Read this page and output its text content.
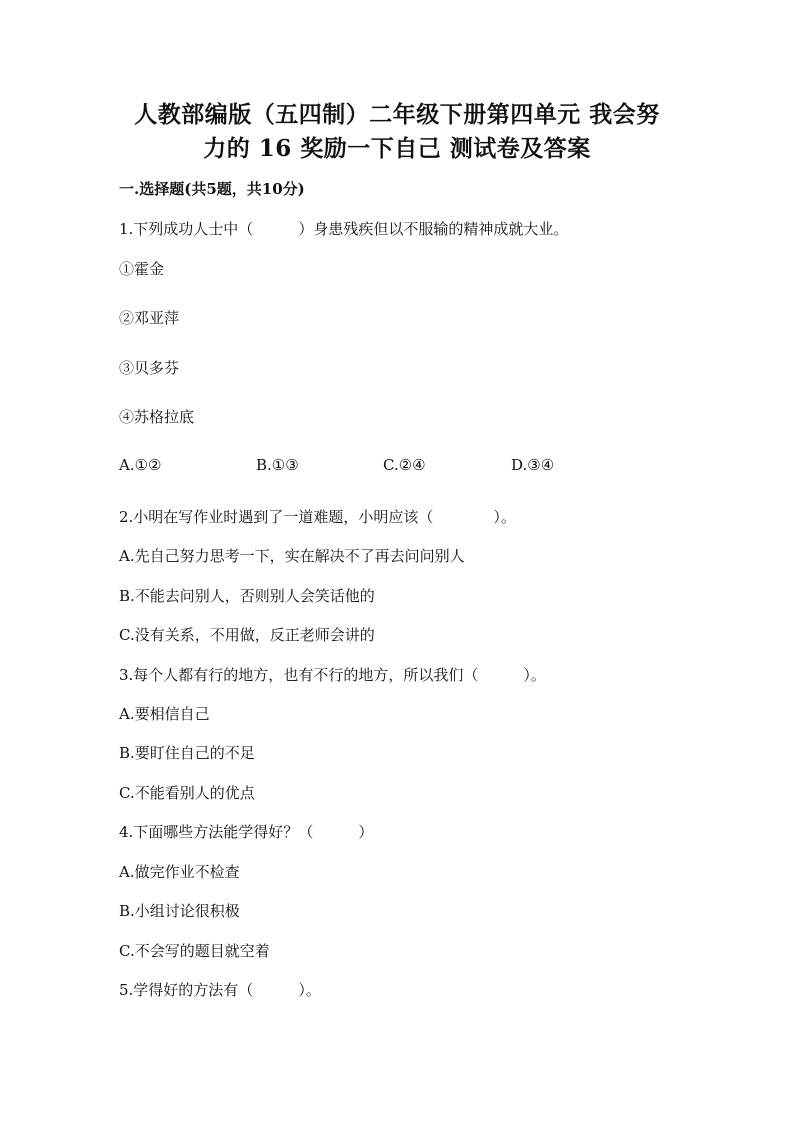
人教部编版（五四制）二年级下册第四单元 我会努
力的 16 奖励一下自己 测试卷及答案
一.选择题(共5题，共10分)
1.下列成功人士中（　　　）身患残疾但以不服输的精神成就大业。
①霍金
②邓亚萍
③贝多芬
④苏格拉底
A.①②	B.①③	C.②④	D.③④
2.小明在写作业时遇到了一道难题，小明应该（　　　　）。
A.先自己努力思考一下，实在解决不了再去问问别人
B.不能去问别人，否则别人会笑话他的
C.没有关系，不用做，反正老师会讲的
3.每个人都有行的地方，也有不行的地方，所以我们（　　　）。
A.要相信自己
B.要盯住自己的不足
C.不能看别人的优点
4.下面哪些方法能学得好？（　　　）
A.做完作业不检查
B.小组讨论很积极
C.不会写的题目就空着
5.学得好的方法有（　　　）。
